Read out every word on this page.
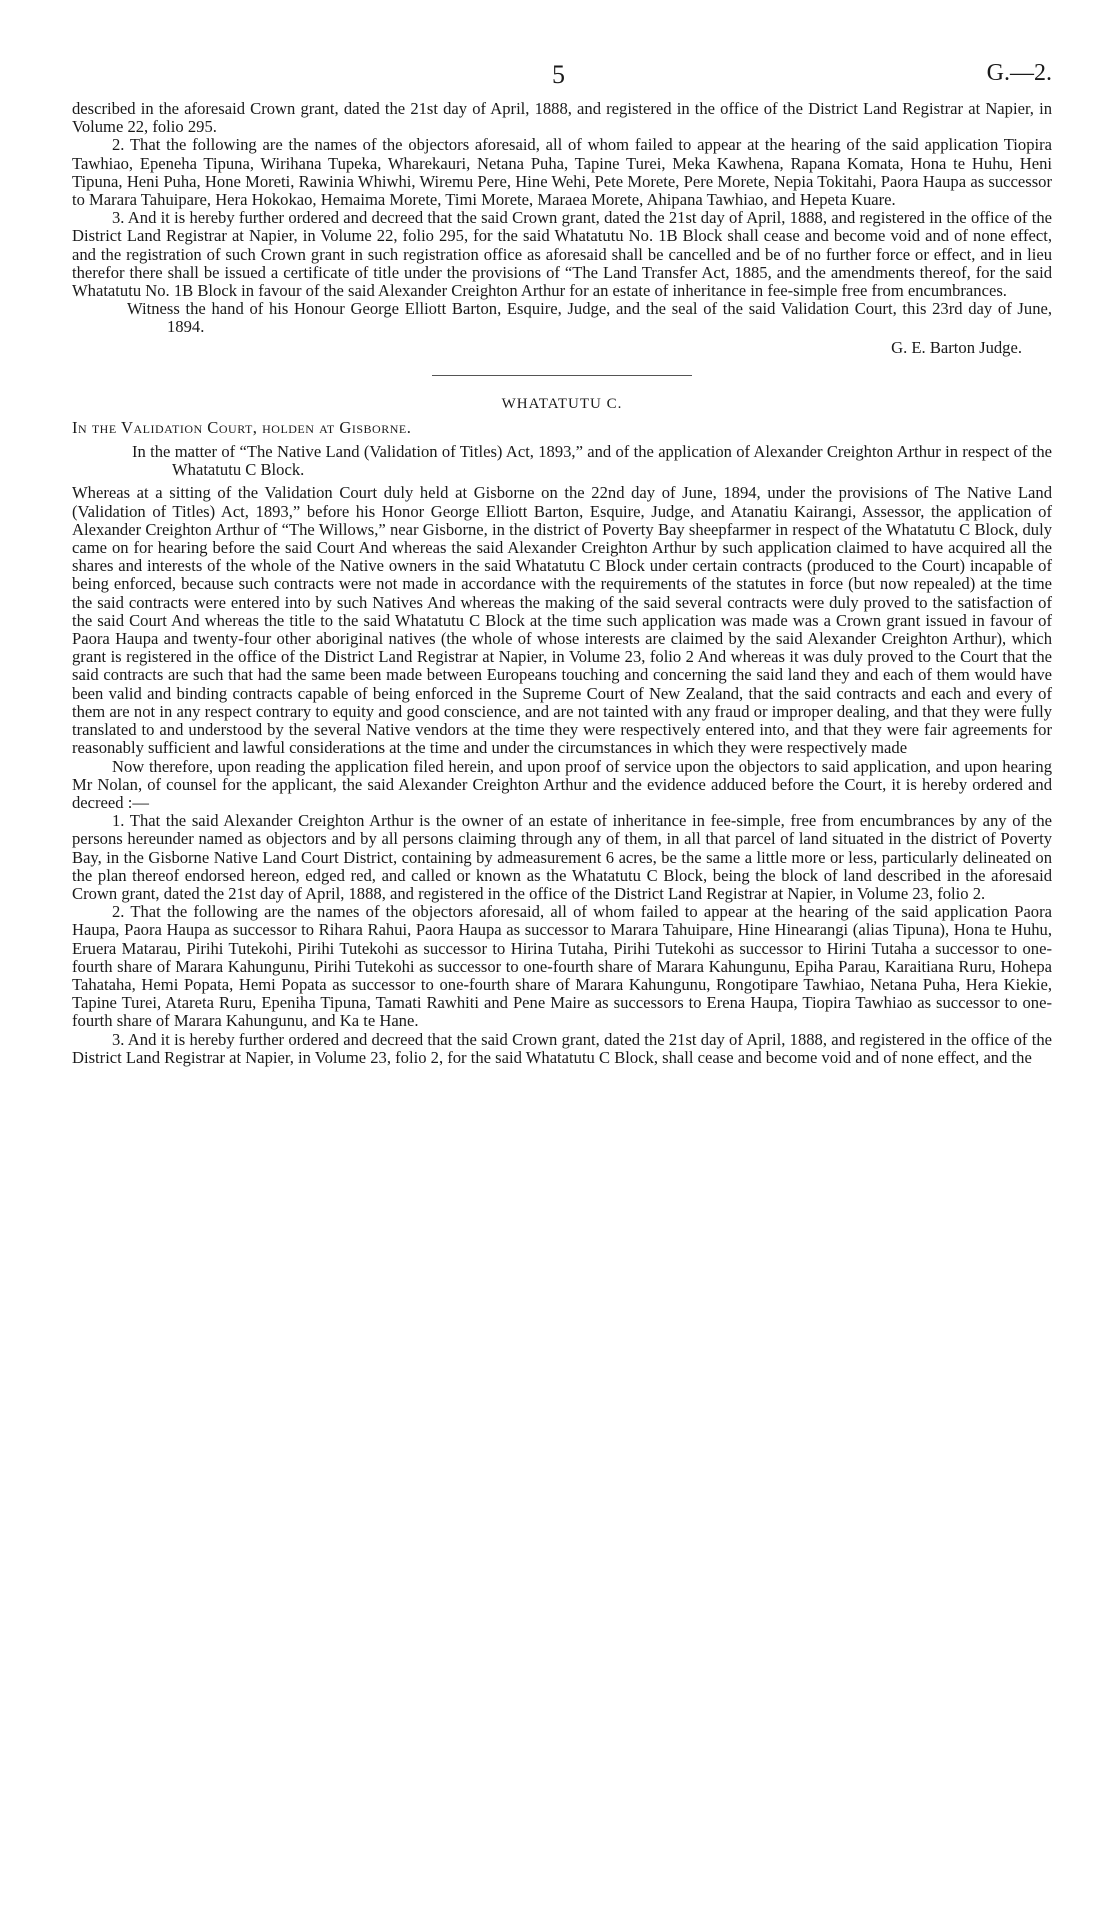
5	G.—2.

described in the aforesaid Crown grant, dated the 21st day of April, 1888, and registered in the office of the District Land Registrar at Napier, in Volume 22, folio 295.

2. That the following are the names of the objectors aforesaid, all of whom failed to appear at the hearing of the said application Tiopira Tawhiao, Epeneha Tipuna, Wirihana Tupeka, Wharekauri, Netana Puha, Tapine Turei, Meka Kawhena, Rapana Komata, Hona te Huhu, Heni Tipuna, Heni Puha, Hone Moreti, Rawinia Whiwhi, Wiremu Pere, Hine Wehi, Pete Morete, Pere Morete, Nepia Tokitahi, Paora Haupa as successor to Marara Tahuipare, Hera Hokokao, Hemaima Morete, Timi Morete, Maraea Morete, Ahipana Tawhiao, and Hepeta Kuare.

3. And it is hereby further ordered and decreed that the said Crown grant, dated the 21st day of April, 1888, and registered in the office of the District Land Registrar at Napier, in Volume 22, folio 295, for the said Whatatutu No. 1B Block shall cease and become void and of none effect, and the registration of such Crown grant in such registration office as aforesaid shall be cancelled and be of no further force or effect, and in lieu therefor there shall be issued a certificate of title under the provisions of “The Land Transfer Act, 1885, and the amendments thereof, for the said Whatatutu No. 1B Block in favour of the said Alexander Creighton Arthur for an estate of inheritance in fee-simple free from encumbrances.

Witness the hand of his Honour George Elliott Barton, Esquire, Judge, and the seal of the said Validation Court, this 23rd day of June, 1894.

G. E. Barton Judge.
WHATATUTU C.
In the Validation Court, holden at Gisborne.

In the matter of “The Native Land (Validation of Titles) Act, 1893,” and of the application of Alexander Creighton Arthur in respect of the Whatatutu C Block.

Whereas at a sitting of the Validation Court duly held at Gisborne on the 22nd day of June, 1894, under the provisions of The Native Land (Validation of Titles) Act, 1893,” before his Honor George Elliott Barton, Esquire, Judge, and Atanatiu Kairangi, Assessor, the application of Alexander Creighton Arthur of “The Willows,” near Gisborne, in the district of Poverty Bay sheepfarmer in respect of the Whatatutu C Block, duly came on for hearing before the said Court And whereas the said Alexander Creighton Arthur by such application claimed to have acquired all the shares and interests of the whole of the Native owners in the said Whatatutu C Block under certain contracts (produced to the Court) incapable of being enforced, because such contracts were not made in accordance with the requirements of the statutes in force (but now repealed) at the time the said contracts were entered into by such Natives And whereas the making of the said several contracts were duly proved to the satisfaction of the said Court And whereas the title to the said Whatatutu C Block at the time such application was made was a Crown grant issued in favour of Paora Haupa and twenty-four other aboriginal natives (the whole of whose interests are claimed by the said Alexander Creighton Arthur), which grant is registered in the office of the District Land Registrar at Napier, in Volume 23, folio 2 And whereas it was duly proved to the Court that the said contracts are such that had the same been made between Europeans touching and concerning the said land they and each of them would have been valid and binding contracts capable of being enforced in the Supreme Court of New Zealand, that the said contracts and each and every of them are not in any respect contrary to equity and good conscience, and are not tainted with any fraud or improper dealing, and that they were fully translated to and understood by the several Native vendors at the time they were respectively entered into, and that they were fair agreements for reasonably sufficient and lawful considerations at the time and under the circumstances in which they were respectively made

Now therefore, upon reading the application filed herein, and upon proof of service upon the objectors to said application, and upon hearing Mr Nolan, of counsel for the applicant, the said Alexander Creighton Arthur and the evidence adduced before the Court, it is hereby ordered and decreed :—

1. That the said Alexander Creighton Arthur is the owner of an estate of inheritance in fee-simple, free from encumbrances by any of the persons hereunder named as objectors and by all persons claiming through any of them, in all that parcel of land situated in the district of Poverty Bay, in the Gisborne Native Land Court District, containing by admeasurement 6 acres, be the same a little more or less, particularly delineated on the plan thereof endorsed hereon, edged red, and called or known as the Whatatutu C Block, being the block of land described in the aforesaid Crown grant, dated the 21st day of April, 1888, and registered in the office of the District Land Registrar at Napier, in Volume 23, folio 2.

2. That the following are the names of the objectors aforesaid, all of whom failed to appear at the hearing of the said application Paora Haupa, Paora Haupa as successor to Rihara Rahui, Paora Haupa as successor to Marara Tahuipare, Hine Hinearangi (alias Tipuna), Hona te Huhu, Eruera Matarau, Pirihi Tutekohi, Pirihi Tutekohi as successor to Hirina Tutaha, Pirihi Tutekohi as successor to Hirini Tutaha a successor to one-fourth share of Marara Kahungunu, Pirihi Tutekohi as successor to one-fourth share of Marara Kahungunu, Epiha Parau, Karaitiana Ruru, Hohepa Tahataha, Hemi Popata, Hemi Popata as successor to one-fourth share of Marara Kahungunu, Rongotipare Tawhiao, Netana Puha, Hera Kiekie, Tapine Turei, Atareta Ruru, Epeniha Tipuna, Tamati Rawhiti and Pene Maire as successors to Erena Haupa, Tiopira Tawhiao as successor to one-fourth share of Marara Kahungunu, and Ka te Hane.

3. And it is hereby further ordered and decreed that the said Crown grant, dated the 21st day of April, 1888, and registered in the office of the District Land Registrar at Napier, in Volume 23, folio 2, for the said Whatatutu C Block, shall cease and become void and of none effect, and the
